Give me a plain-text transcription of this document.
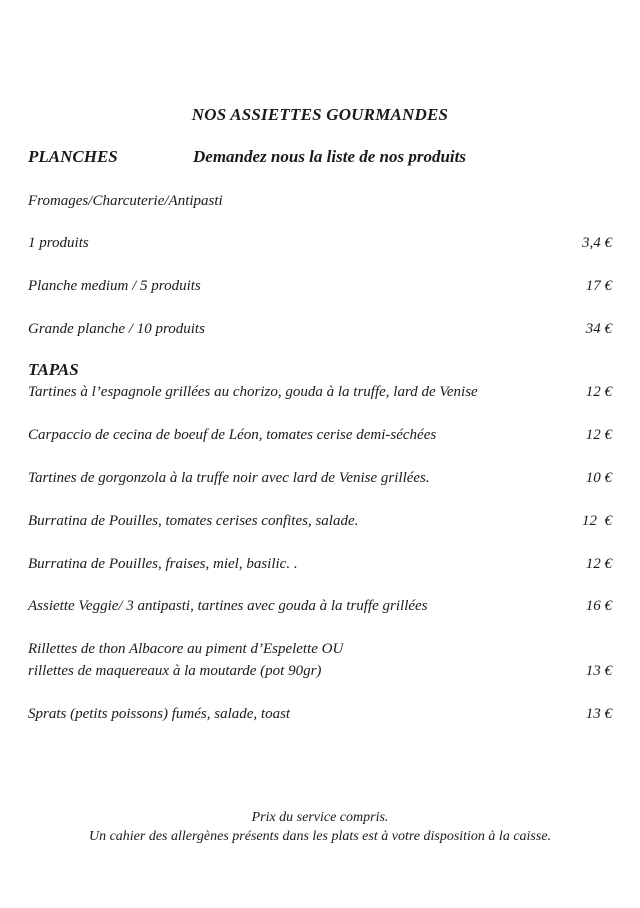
NOS ASSIETTES GOURMANDES
PLANCHES	Demandez nous la liste de nos produits
Fromages/Charcuterie/Antipasti
1 produits	3,4 €
Planche medium / 5 produits	17 €
Grande planche / 10 produits	34 €
TAPAS
Tartines à l’espagnole grillées au chorizo, gouda à la truffe, lard de Venise	12 €
Carpaccio de cecina de boeuf de Léon, tomates cerise demi-séchées	12 €
Tartines de gorgonzola à la truffe noir avec lard de Venise grillées.	10 €
Burratina de Pouilles, tomates cerises confites, salade.	12  €
Burratina de Pouilles, fraises, miel, basilic. .	12 €
Assiette Veggie/ 3 antipasti, tartines avec gouda à la truffe grillées	16 €
Rillettes de thon Albacore au piment d’Espelette OU
rillettes de maquereaux à la moutarde (pot 90gr)	13 €
Sprats (petits poissons) fumés, salade, toast	13 €
Prix du service compris.
Un cahier des allergènes présents dans les plats est à votre disposition à la caisse.
